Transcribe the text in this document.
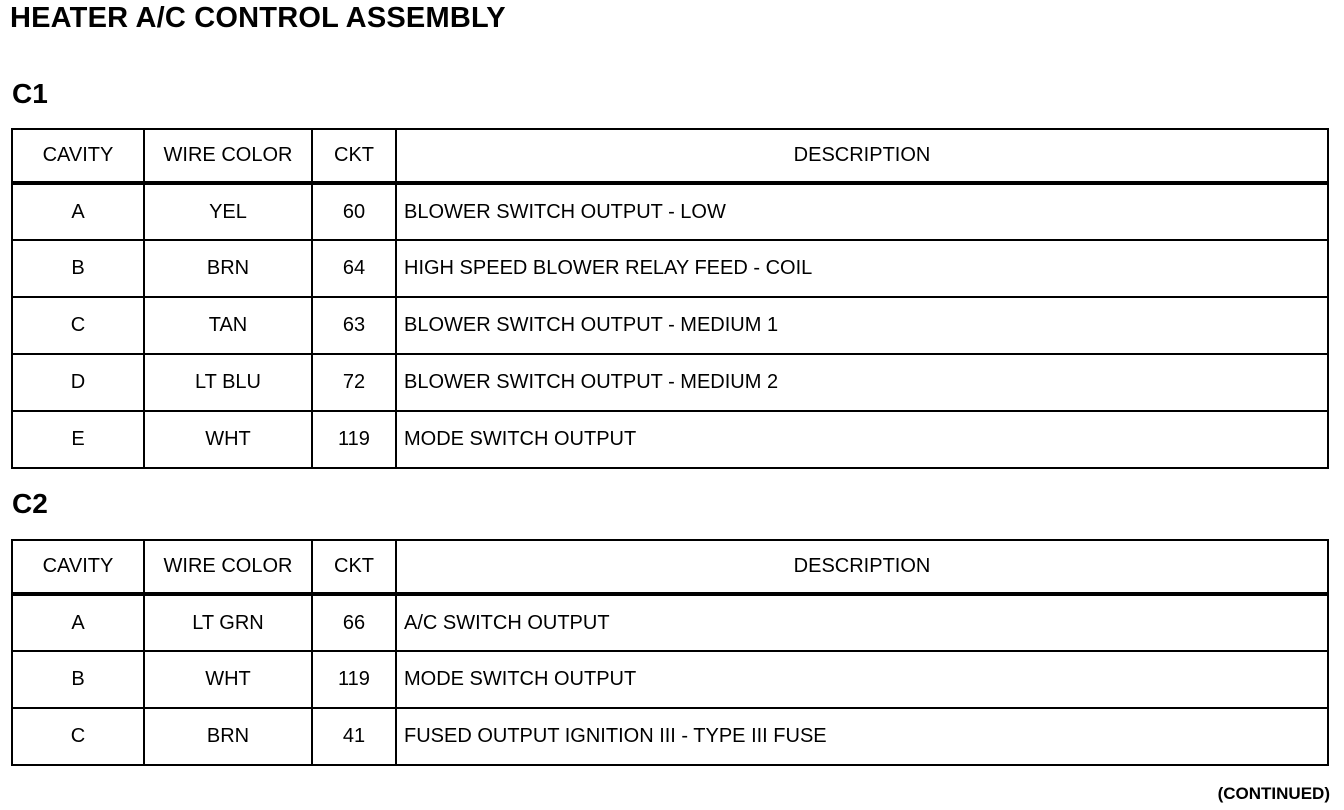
HEATER A/C CONTROL ASSEMBLY
C1
CAVITY	WIRE COLOR	CKT	DESCRIPTION
A	YEL	60	BLOWER SWITCH OUTPUT - LOW
B	BRN	64	HIGH SPEED BLOWER RELAY FEED - COIL
C	TAN	63	BLOWER SWITCH OUTPUT - MEDIUM 1
D	LT BLU	72	BLOWER SWITCH OUTPUT - MEDIUM 2
E	WHT	119	MODE SWITCH OUTPUT
C2
CAVITY	WIRE COLOR	CKT	DESCRIPTION
A	LT GRN	66	A/C SWITCH OUTPUT
B	WHT	119	MODE SWITCH OUTPUT
C	BRN	41	FUSED OUTPUT IGNITION III - TYPE III FUSE
(CONTINUED)
